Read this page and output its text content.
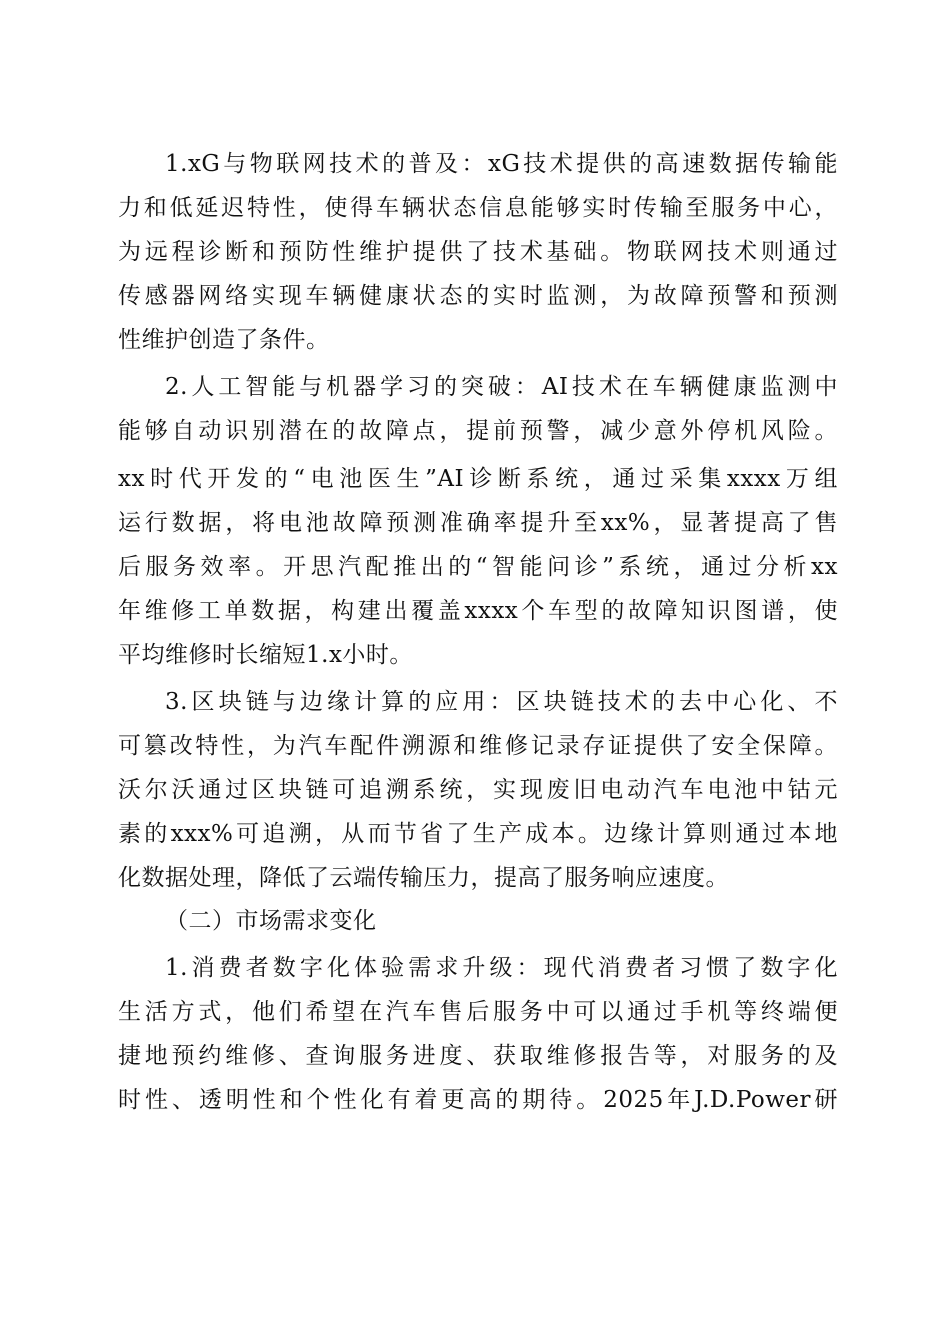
1.xG与物联网技术的普及：xG技术提供的高速数据传输能
力和低延迟特性，使得车辆状态信息能够实时传输至服务中心，
为远程诊断和预防性维护提供了技术基础。物联网技术则通过
传感器网络实现车辆健康状态的实时监测，为故障预警和预测
性维护创造了条件。
2.人工智能与机器学习的突破：AI技术在车辆健康监测中
能够自动识别潜在的故障点，提前预警，减少意外停机风险。
xx时代开发的“电池医生”AI诊断系统，通过采集xxxx万组
运行数据，将电池故障预测准确率提升至xx%，显著提高了售
后服务效率。开思汽配推出的“智能问诊”系统，通过分析xx
年维修工单数据，构建出覆盖xxxx个车型的故障知识图谱，使
平均维修时长缩短1.x小时。
3.区块链与边缘计算的应用：区块链技术的去中心化、不
可篡改特性，为汽车配件溯源和维修记录存证提供了安全保障。
沃尔沃通过区块链可追溯系统，实现废旧电动汽车电池中钴元
素的xxx%可追溯，从而节省了生产成本。边缘计算则通过本地
化数据处理，降低了云端传输压力，提高了服务响应速度。
（二）市场需求变化
1.消费者数字化体验需求升级：现代消费者习惯了数字化
生活方式，他们希望在汽车售后服务中可以通过手机等终端便
捷地预约维修、查询服务进度、获取维修报告等，对服务的及
时性、透明性和个性化有着更高的期待。2025年J.D.Power研
